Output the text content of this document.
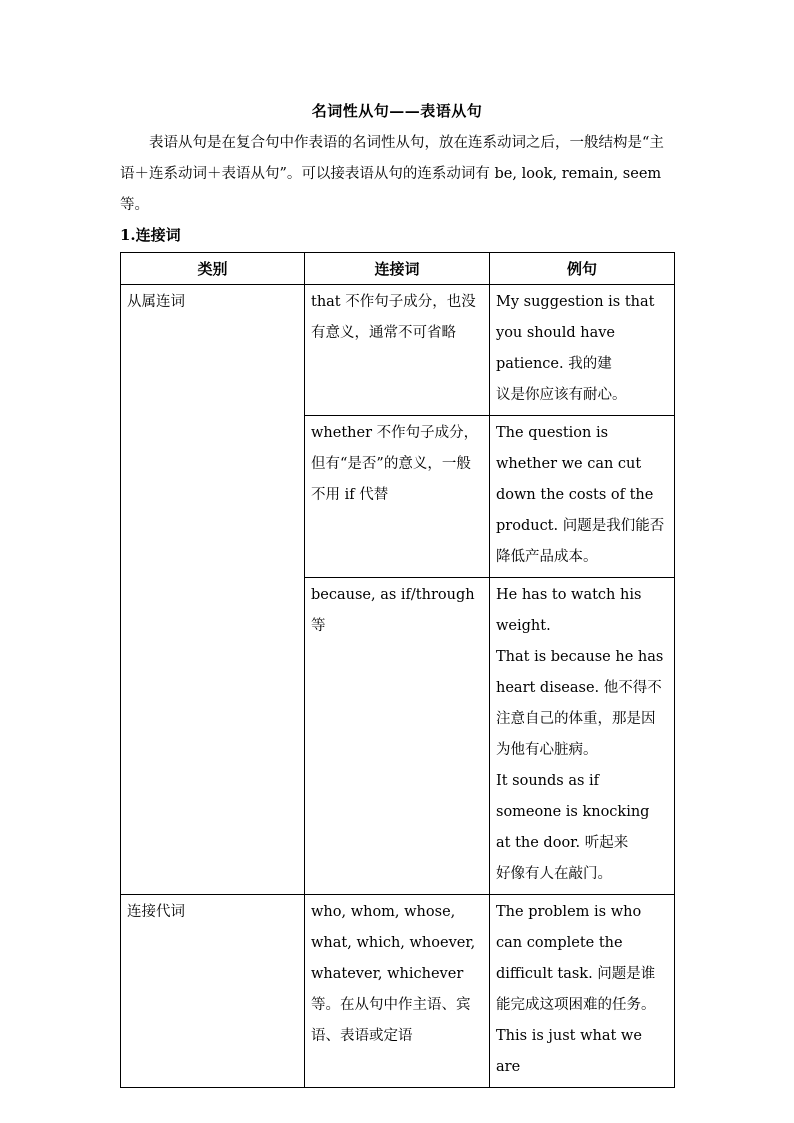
名词性从句——表语从句
表语从句是在复合句中作表语的名词性从句，放在连系动词之后，一般结构是“主语＋连系动词＋表语从句”。可以接表语从句的连系动词有 be, look, remain, seem 等。
1.连接词
类别	连接词	例句
从属连词	that 不作句子成分，也没有意义，通常不可省略	My suggestion is that you should have patience. 我的建
议是你应该有耐心。

	whether 不作句子成分，但有“是否”的意义，一般不用 if 代替	The question is whether we can cut down the costs of the product. 问题是我们能否降低产品成本。

	because, as if/through 等	He has to watch his weight.
That is because he has heart disease. 他不得不注意自己的体重，那是因为他有心脏病。
It sounds as if someone is knocking at the door. 听起来
好像有人在敲门。

连接代词	who, whom, whose, what, which, whoever, whatever, whichever 等。在从句中作主语、宾语、表语或定语	The problem is who can complete the difficult task. 问题是谁能完成这项困难的任务。
This is just what we are
